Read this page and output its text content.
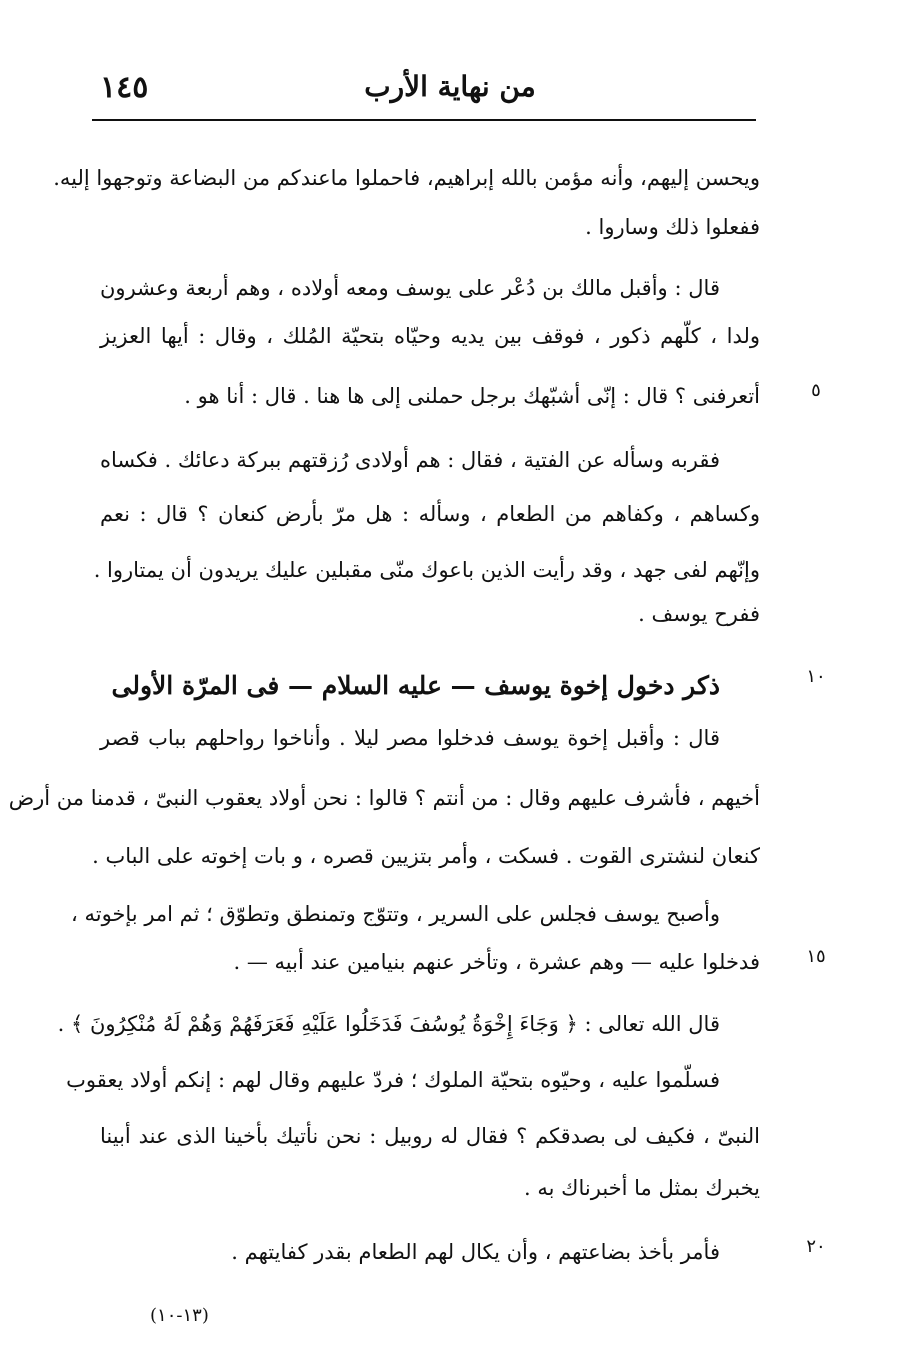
١٤٥	من نهاية الأرب
ويحسن إليهم، وأنه مؤمن بالله إبراهيم، فاحملوا ماعندكم من البضاعة وتوجهوا إليه.
ففعلوا ذلك وساروا .
قال : وأقبل مالك بن دُعْر على يوسف ومعه أولاده ، وهم أربعة وعشرون
ولدا ، كلّهم ذكور ، فوقف بين يديه وحيّاه بتحيّة المُلك ، وقال : أيها العزيز
أتعرفنى ؟ قال : إنّى أشبّهك برجل حملنى إلى ها هنا . قال : أنا هو .
فقربه وسأله عن الفتية ، فقال : هم أولادى رُزقتهم ببركة دعائك . فكساه
وكساهم ، وكفاهم من الطعام ، وسأله : هل مرّ بأرض كنعان ؟ قال : نعم
وإنّهم لفى جهد ، وقد رأيت الذين باعوك منّى مقبلين عليك يريدون أن يمتاروا .
ففرح يوسف .
ذكر دخول إخوة يوسف — عليه السلام — فى المرّة الأولى
قال : وأقبل إخوة يوسف فدخلوا مصر ليلا . وأناخوا رواحلهم بباب قصر
أخيهم ، فأشرف عليهم وقال : من أنتم ؟ قالوا : نحن أولاد يعقوب النبىّ ، قدمنا من أرض
كنعان لنشترى القوت . فسكت ، وأمر بتزيين قصره ، و بات إخوته على الباب .
وأصبح يوسف فجلس على السرير ، وتتوّج وتمنطق وتطوّق ؛ ثم امر بإخوته ،
فدخلوا عليه — وهم عشرة ، وتأخر عنهم بنيامين عند أبيه — .
قال الله تعالى : ﴿ وَجَاءَ إِخْوَةُ يُوسُفَ فَدَخَلُوا عَلَيْهِ فَعَرَفَهُمْ وَهُمْ لَهُ مُنْكِرُونَ ﴾ .
فسلّموا عليه ، وحيّوه بتحيّة الملوك ؛ فردّ عليهم وقال لهم : إنكم أولاد يعقوب
النبىّ ، فكيف لى بصدقكم ؟ فقال له روبيل : نحن نأتيك بأخينا الذى عند أبينا
يخبرك بمثل ما أخبرناك به .
فأمر بأخذ بضاعتهم ، وأن يكال لهم الطعام بقدر كفايتهم .
٥
١٠
١٥
٢٠
(١٣-١٠)
